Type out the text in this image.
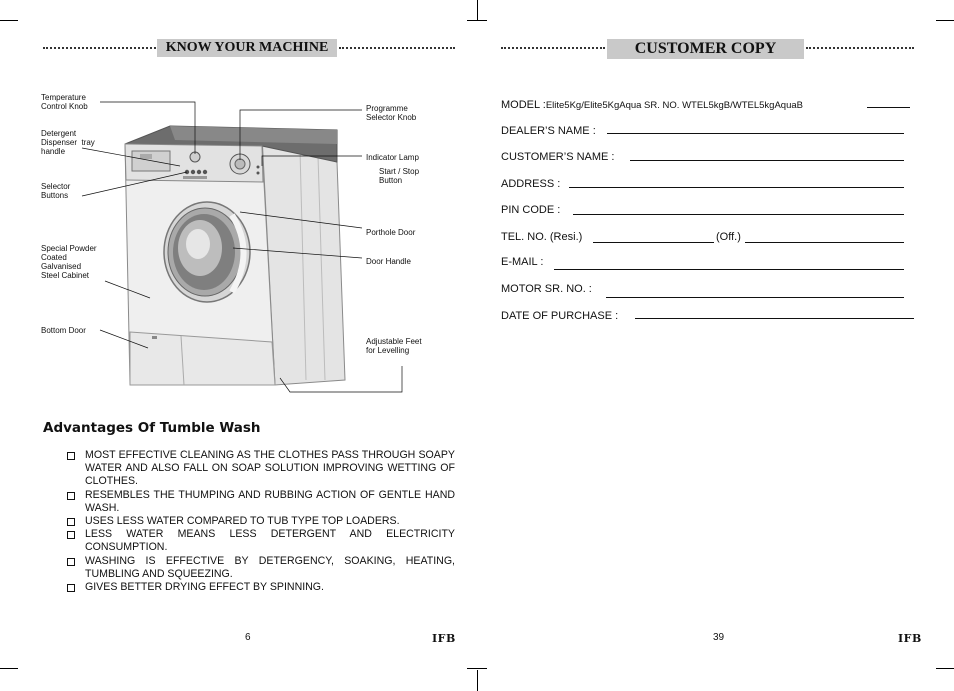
KNOW YOUR MACHINE
Temperature
Control Knob
Detergent
Dispenser  tray
handle
Selector
Buttons
Special Powder
Coated
Galvanised
Steel Cabinet
Bottom Door
Programme
Selector Knob
Indicator Lamp
Start / Stop
Button
Porthole Door
Door Handle
Adjustable Feet
for Levelling
Advantages Of Tumble Wash
MOST EFFECTIVE CLEANING AS THE CLOTHES PASS THROUGH SOAPY WATER AND ALSO FALL ON SOAP SOLUTION IMPROVING WETTING OF CLOTHES.
RESEMBLES THE THUMPING AND RUBBING ACTION OF GENTLE HAND WASH.
USES LESS WATER COMPARED TO TUB TYPE TOP LOADERS.
LESS WATER MEANS LESS DETERGENT AND ELECTRICITY CONSUMPTION.
WASHING IS EFFECTIVE BY DETERGENCY, SOAKING, HEATING, TUMBLING AND SQUEEZING.
GIVES BETTER DRYING EFFECT BY SPINNING.
6	IFB
CUSTOMER COPY
MODEL :Elite5Kg/Elite5KgAqua SR. NO. WTEL5kgB/WTEL5kgAquaB
DEALER’S NAME :
CUSTOMER’S NAME :
ADDRESS :
PIN CODE :
TEL. NO. (Resi.)	(Off.)
E-MAIL :
MOTOR SR. NO. :
DATE OF PURCHASE :
39	IFB
